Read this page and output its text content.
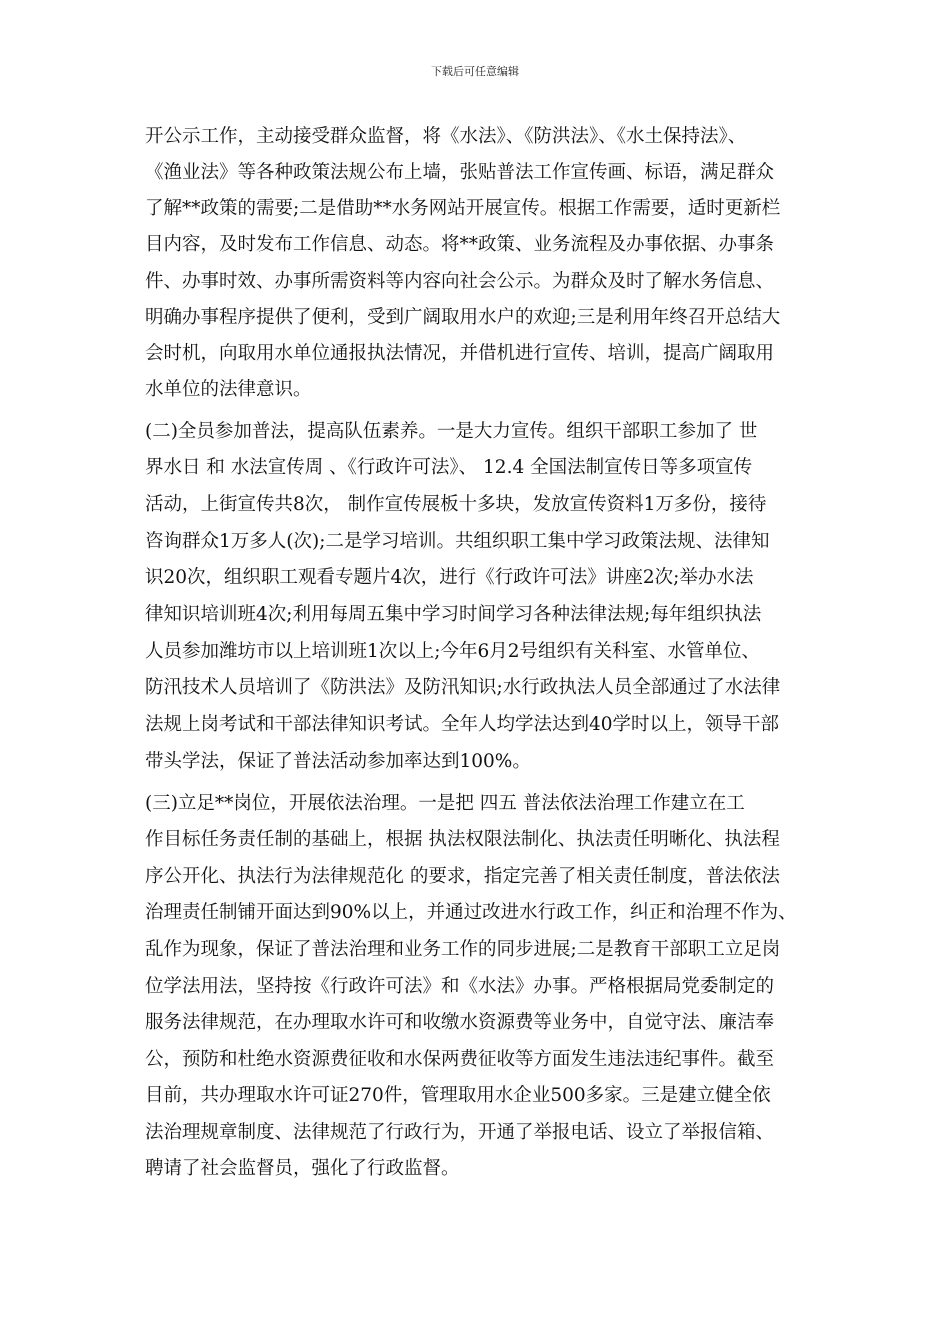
下载后可任意编辑
开公示工作，主动接受群众监督，将《水法》、《防洪法》、《水土保持法》、
《渔业法》等各种政策法规公布上墙，张贴普法工作宣传画、标语，满足群众
了解**政策的需要;二是借助**水务网站开展宣传。根据工作需要，适时更新栏
目内容，及时发布工作信息、动态。将**政策、业务流程及办事依据、办事条
件、办事时效、办事所需资料等内容向社会公示。为群众及时了解水务信息、
明确办事程序提供了便利，受到广阔取用水户的欢迎;三是利用年终召开总结大
会时机，向取用水单位通报执法情况，并借机进行宣传、培训，提高广阔取用
水单位的法律意识。
(二)全员参加普法，提高队伍素养。一是大力宣传。组织干部职工参加了 世
界水日 和 水法宣传周 、《行政许可法》、 12.4 全国法制宣传日等多项宣传
活动，上街宣传共8次， 制作宣传展板十多块，发放宣传资料1万多份，接待
咨询群众1万多人(次);二是学习培训。共组织职工集中学习政策法规、法律知
识20次，组织职工观看专题片4次，进行《行政许可法》讲座2次;举办水法
律知识培训班4次;利用每周五集中学习时间学习各种法律法规;每年组织执法
人员参加潍坊市以上培训班1次以上;今年6月2号组织有关科室、水管单位、
防汛技术人员培训了《防洪法》及防汛知识;水行政执法人员全部通过了水法律
法规上岗考试和干部法律知识考试。全年人均学法达到40学时以上，领导干部
带头学法，保证了普法活动参加率达到100%。
(三)立足**岗位，开展依法治理。一是把 四五 普法依法治理工作建立在工
作目标任务责任制的基础上，根据 执法权限法制化、执法责任明晰化、执法程
序公开化、执法行为法律规范化 的要求，指定完善了相关责任制度，普法依法
治理责任制铺开面达到90%以上，并通过改进水行政工作，纠正和治理不作为、
乱作为现象，保证了普法治理和业务工作的同步进展;二是教育干部职工立足岗
位学法用法，坚持按《行政许可法》和《水法》办事。严格根据局党委制定的
服务法律规范，在办理取水许可和收缴水资源费等业务中，自觉守法、廉洁奉
公，预防和杜绝水资源费征收和水保两费征收等方面发生违法违纪事件。截至
目前，共办理取水许可证270件，管理取用水企业500多家。三是建立健全依
法治理规章制度、法律规范了行政行为，开通了举报电话、设立了举报信箱、
聘请了社会监督员，强化了行政监督。
